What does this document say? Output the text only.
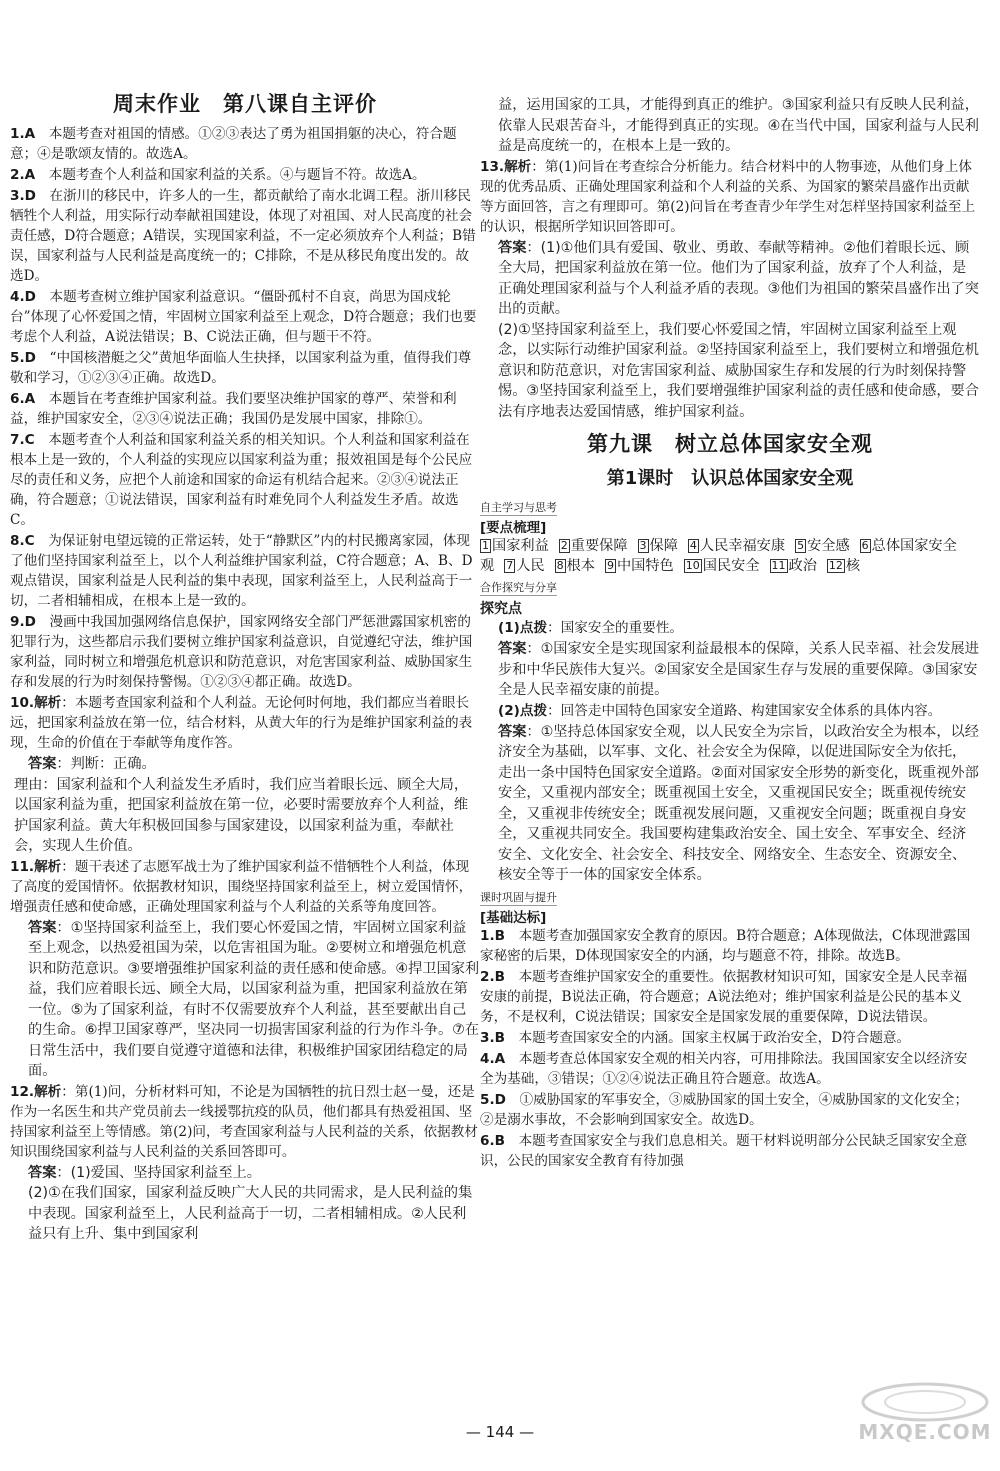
周末作业　第八课自主评价
1.A　本题考查对祖国的情感。①②③表达了勇为祖国捐躯的决心，符合题意；④是歌颂友情的。故选A。
2.A　本题考查个人利益和国家利益的关系。④与题旨不符。故选A。
3.D　在浙川的移民中，许多人的一生，都贡献给了南水北调工程。浙川移民牺牲个人利益，用实际行动奉献祖国建设，体现了对祖国、对人民高度的社会责任感，D符合题意；A错误，实现国家利益，不一定必须放弃个人利益；B错误，国家利益与人民利益是高度统一的；C排除，不是从移民角度出发的。故选D。
4.D　本题考查树立维护国家利益意识。“僵卧孤村不自哀，尚思为国戍轮台”体现了心怀爱国之情，牢固树立国家利益至上观念，D符合题意；我们也要考虑个人利益，A说法错误；B、C说法正确，但与题干不符。
5.D　“中国核潜艇之父”黄旭华面临人生抉择，以国家利益为重，值得我们尊敬和学习，①②③④正确。故选D。
6.A　本题旨在考查维护国家利益。我们要坚决维护国家的尊严、荣誉和利益，维护国家安全，②③④说法正确；我国仍是发展中国家，排除①。
7.C　本题考查个人利益和国家利益关系的相关知识。个人利益和国家利益在根本上是一致的，个人利益的实现应以国家利益为重；报效祖国是每个公民应尽的责任和义务，应把个人前途和国家的命运有机结合起来。②③④说法正确，符合题意；①说法错误，国家利益有时难免同个人利益发生矛盾。故选C。
8.C　为保证射电望远镜的正常运转，处于“静默区”内的村民搬离家园，体现了他们坚持国家利益至上，以个人利益维护国家利益，C符合题意；A、B、D观点错误，国家利益是人民利益的集中表现，国家利益至上，人民利益高于一切，二者相辅相成，在根本上是一致的。
9.D　漫画中我国加强网络信息保护，国家网络安全部门严惩泄露国家机密的犯罪行为，这些都启示我们要树立维护国家利益意识，自觉遵纪守法，维护国家利益，同时树立和增强危机意识和防范意识，对危害国家利益、威胁国家生存和发展的行为时刻保持警惕。①②③④都正确。故选D。
10.解析：本题考查国家利益和个人利益。无论何时何地，我们都应当着眼长远，把国家利益放在第一位，结合材料，从黄大年的行为是维护国家利益的表现，生命的价值在于奉献等角度作答。
答案：判断：正确。
理由：国家利益和个人利益发生矛盾时，我们应当着眼长远、顾全大局，以国家利益为重，把国家利益放在第一位，必要时需要放弃个人利益，维护国家利益。黄大年积极回国参与国家建设，以国家利益为重，奉献社会，实现人生价值。
11.解析：题干表述了志愿军战士为了维护国家利益不惜牺牲个人利益，体现了高度的爱国情怀。依据教材知识，围绕坚持国家利益至上，树立爱国情怀，增强责任感和使命感，正确处理国家利益与个人利益的关系等角度回答。
答案：①坚持国家利益至上，我们要心怀爱国之情，牢固树立国家利益至上观念，以热爱祖国为荣，以危害祖国为耻。②要树立和增强危机意识和防范意识。③要增强维护国家利益的责任感和使命感。④捍卫国家利益，我们应着眼长远、顾全大局，以国家利益为重，把国家利益放在第一位。⑤为了国家利益，有时不仅需要放弃个人利益，甚至要献出自己的生命。⑥捍卫国家尊严，坚决同一切损害国家利益的行为作斗争。⑦在日常生活中，我们要自觉遵守道德和法律，积极维护国家团结稳定的局面。
12.解析：第(1)问，分析材料可知，不论是为国牺牲的抗日烈士赵一曼，还是作为一名医生和共产党员前去一线援鄂抗疫的队员，他们都具有热爱祖国、坚持国家利益至上等情感。第(2)问，考查国家利益与人民利益的关系，依据教材知识围绕国家利益与人民利益的关系回答即可。
答案：(1)爱国、坚持国家利益至上。
(2)①在我们国家，国家利益反映广大人民的共同需求，是人民利益的集中表现。国家利益至上，人民利益高于一切，二者相辅相成。②人民利益只有上升、集中到国家利
益，运用国家的工具，才能得到真正的维护。③国家利益只有反映人民利益，依靠人民艰苦奋斗，才能得到真正的实现。④在当代中国，国家利益与人民利益是高度统一的，在根本上是一致的。
13.解析：第(1)问旨在考查综合分析能力。结合材料中的人物事迹，从他们身上体现的优秀品质、正确处理国家利益和个人利益的关系、为国家的繁荣昌盛作出贡献等方面回答，言之有理即可。第(2)问旨在考查青少年学生对怎样坚持国家利益至上的认识，根据所学知识回答即可。
答案：(1)①他们具有爱国、敬业、勇敢、奉献等精神。②他们着眼长远、顾全大局，把国家利益放在第一位。他们为了国家利益，放弃了个人利益，是正确处理国家利益与个人利益矛盾的表现。③他们为祖国的繁荣昌盛作出了突出的贡献。
(2)①坚持国家利益至上，我们要心怀爱国之情，牢固树立国家利益至上观念，以实际行动维护国家利益。②坚持国家利益至上，我们要树立和增强危机意识和防范意识，对危害国家利益、威胁国家生存和发展的行为时刻保持警惕。③坚持国家利益至上，我们要增强维护国家利益的责任感和使命感，要合法有序地表达爱国情感，维护国家利益。
第九课　树立总体国家安全观
第1课时　认识总体国家安全观
自主学习与思考
[要点梳理]
1 国家利益 2 重要保障 3 保障 4 人民幸福安康 5 安全感 6 总体国家安全观 7 人民 8 根本 9 中国特色 10 国民安全 11 政治 12 核
合作探究与分享
探究点
(1)点拨：国家安全的重要性。
答案：①国家安全是实现国家利益最根本的保障，关系人民幸福、社会发展进步和中华民族伟大复兴。②国家安全是国家生存与发展的重要保障。③国家安全是人民幸福安康的前提。
(2)点拨：回答走中国特色国家安全道路、构建国家安全体系的具体内容。
答案：①坚持总体国家安全观，以人民安全为宗旨，以政治安全为根本，以经济安全为基础，以军事、文化、社会安全为保障，以促进国际安全为依托，走出一条中国特色国家安全道路。②面对国家安全形势的新变化，既重视外部安全，又重视内部安全；既重视国土安全，又重视国民安全；既重视传统安全，又重视非传统安全；既重视发展问题，又重视安全问题；既重视自身安全，又重视共同安全。我国要构建集政治安全、国土安全、军事安全、经济安全、文化安全、社会安全、科技安全、网络安全、生态安全、资源安全、核安全等于一体的国家安全体系。
课时巩固与提升
[基础达标]
1.B　本题考查加强国家安全教育的原因。B符合题意；A体现做法，C体现泄露国家秘密的后果，D体现国家安全的内涵，均与题意不符，排除。故选B。
2.B　本题考查维护国家安全的重要性。依据教材知识可知，国家安全是人民幸福安康的前提，B说法正确，符合题意；A说法绝对；维护国家利益是公民的基本义务，不是权利，C说法错误；国家安全是国家发展的重要保障，D说法错误。
3.B　本题考查国家安全的内涵。国家主权属于政治安全，D符合题意。
4.A　本题考查总体国家安全观的相关内容，可用排除法。我国国家安全以经济安全为基础，③错误；①②④说法正确且符合题意。故选A。
5.D　①威胁国家的军事安全，③威胁国家的国土安全，④威胁国家的文化安全；②是溺水事故，不会影响到国家安全。故选D。
6.B　本题考查国家安全与我们息息相关。题干材料说明部分公民缺乏国家安全意识，公民的国家安全教育有待加强
— 144 —	MXQE.COM
